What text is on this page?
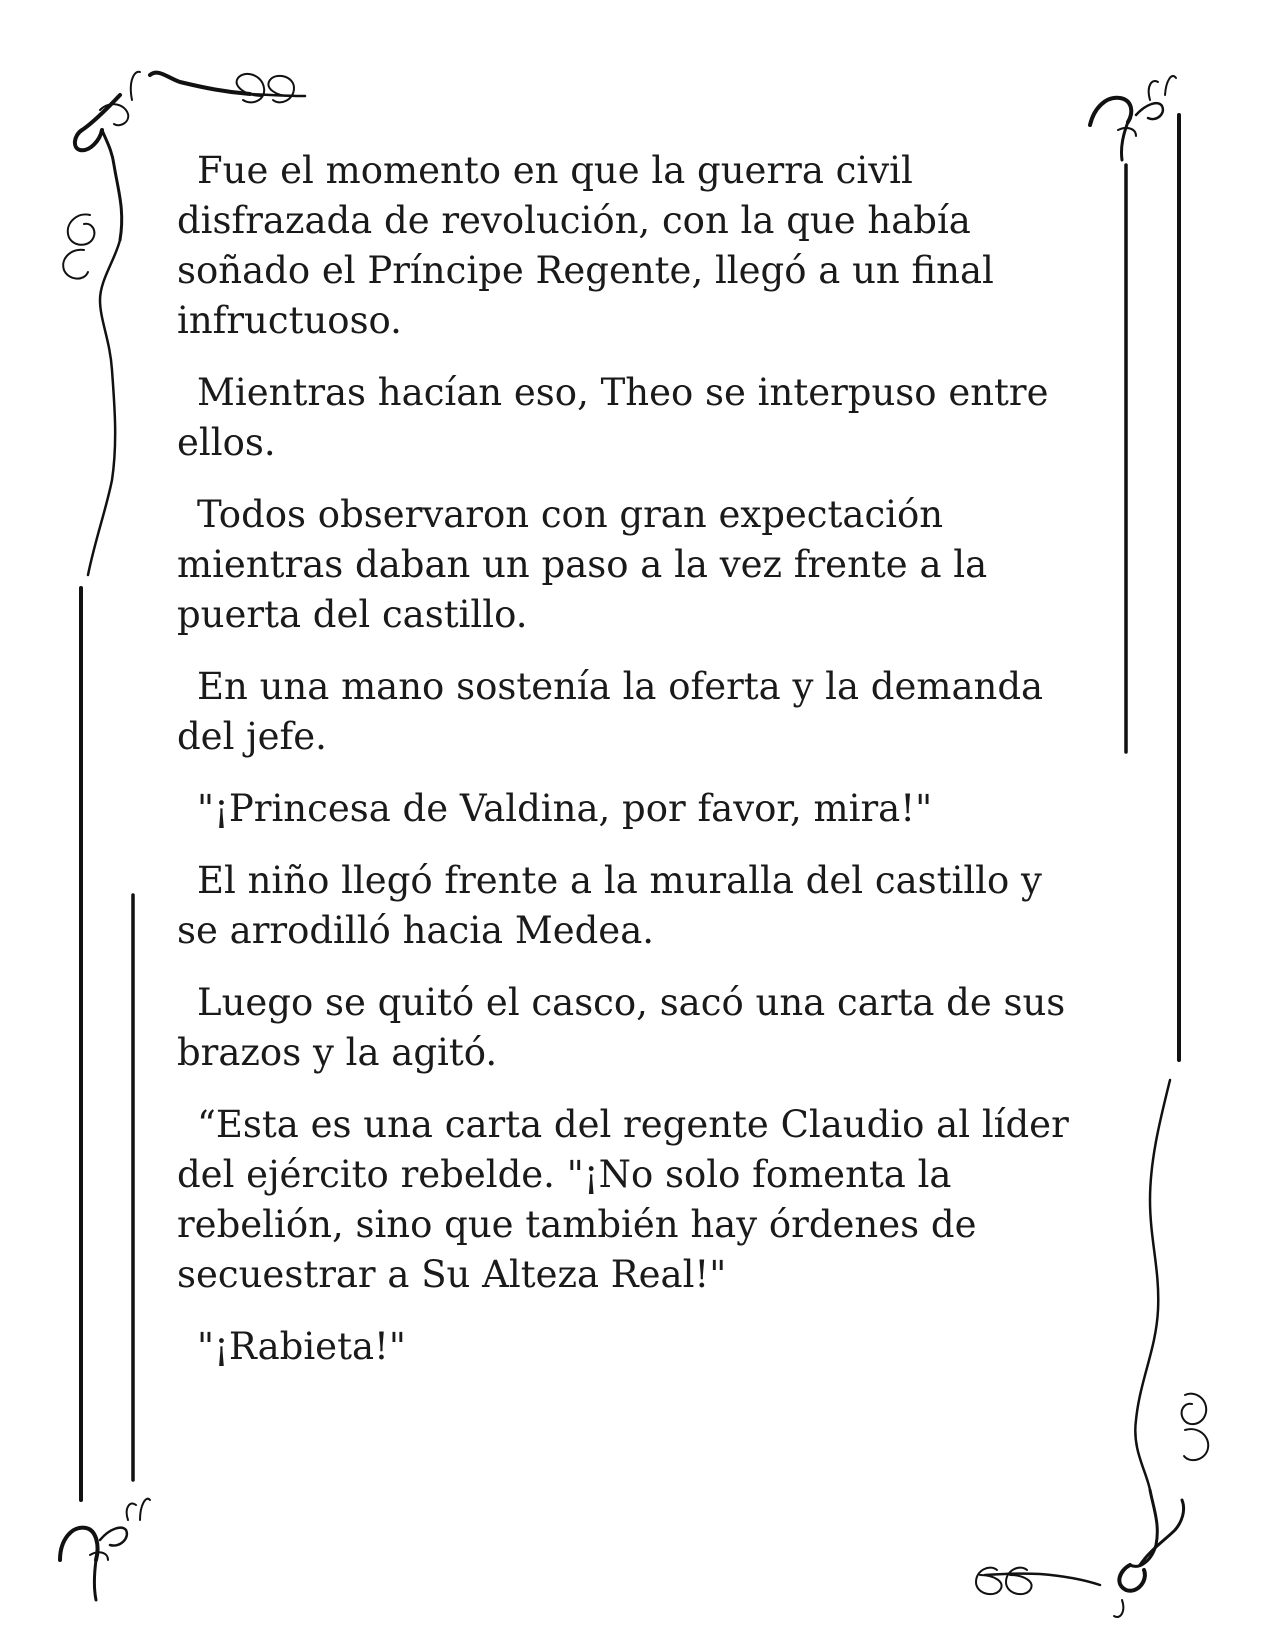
Fue el momento en que la guerra civil disfrazada de revolución, con la que había soñado el Príncipe Regente, llegó a un final infructuoso.

Mientras hacían eso, Theo se interpuso entre ellos.

Todos observaron con gran expectación mientras daban un paso a la vez frente a la puerta del castillo.

En una mano sostenía la oferta y la demanda del jefe.

"¡Princesa de Valdina, por favor, mira!"

El niño llegó frente a la muralla del castillo y se arrodilló hacia Medea.

Luego se quitó el casco, sacó una carta de sus brazos y la agitó.

“Esta es una carta del regente Claudio al líder del ejército rebelde. "¡No solo fomenta la rebelión, sino que también hay órdenes de secuestrar a Su Alteza Real!"

"¡Rabieta!"
